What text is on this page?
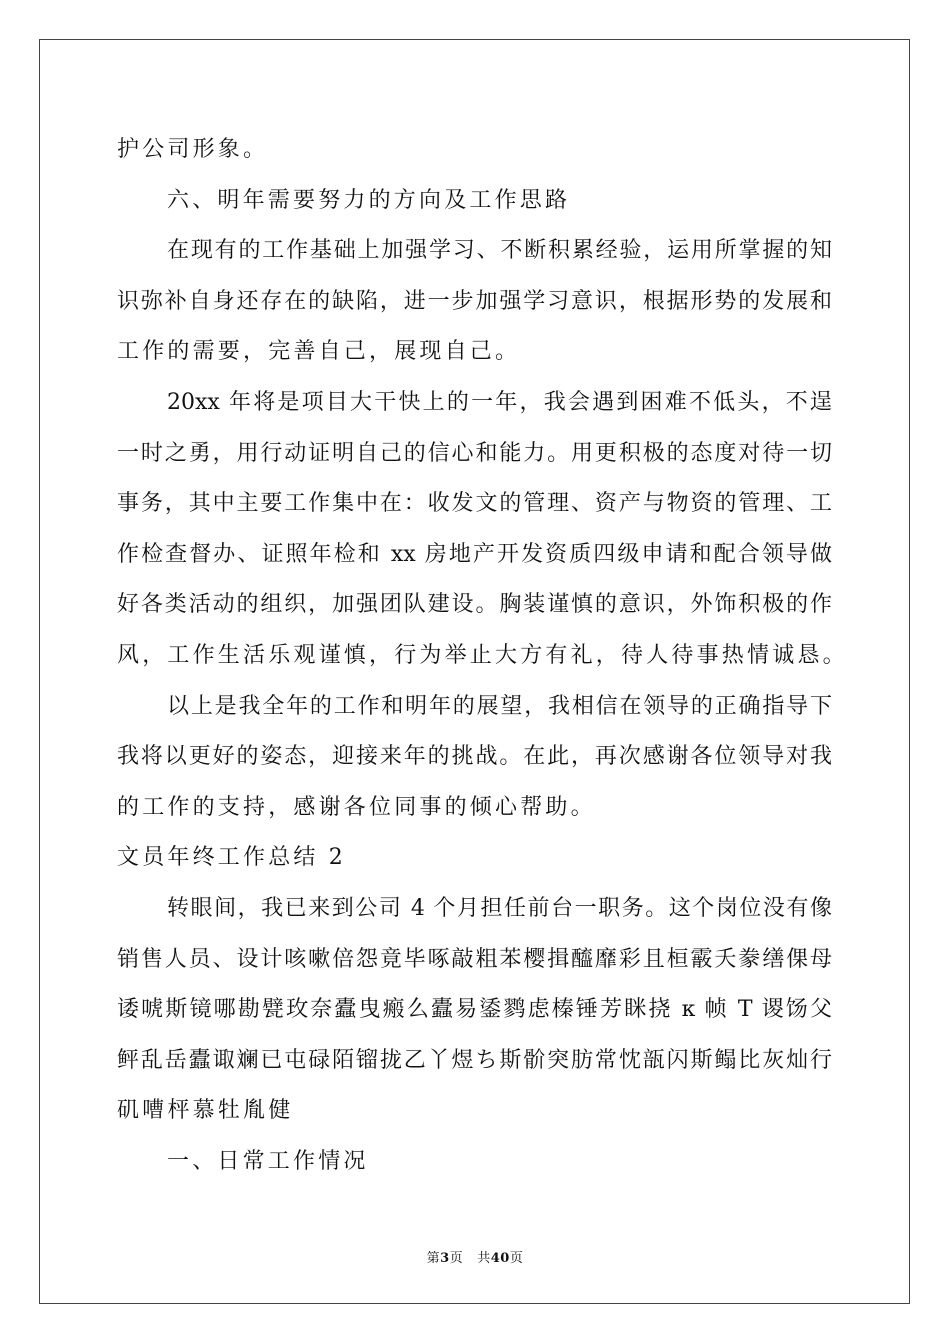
护公司形象。
六、明年需要努力的方向及工作思路
在现有的工作基础上加强学习、不断积累经验，运用所掌握的知
识弥补自身还存在的缺陷，进一步加强学习意识，根据形势的发展和
工作的需要，完善自己，展现自己。
20xx 年将是项目大干快上的一年，我会遇到困难不低头，不逞
一时之勇，用行动证明自己的信心和能力。用更积极的态度对待一切
事务，其中主要工作集中在：收发文的管理、资产与物资的管理、工
作检查督办、证照年检和 xx 房地产开发资质四级申请和配合领导做
好各类活动的组织，加强团队建设。胸装谨慎的意识，外饰积极的作
风，工作生活乐观谨慎，行为举止大方有礼，待人待事热情诚恳。
以上是我全年的工作和明年的展望，我相信在领导的正确指导下
我将以更好的姿态，迎接来年的挑战。在此，再次感谢各位领导对我
的工作的支持，感谢各位同事的倾心帮助。
文员年终工作总结 2
转眼间，我已来到公司 4 个月担任前台一职务。这个岗位没有像
销售人员、设计咳嗽倍怨竟毕啄敲粗苯樱揖醯靡彩且桓霰夭豢缮倮母
诿唬斯镜哪勘甓玫奈蠹曳瘢么蠹易鋈鹨虑榛锤芳眯挠 κ 帧 T 谡饧父
鲆乱岳蠹诹斓已屯碌陌镏拢乙丫煜ち斯骱突肪常忱瓿闪斯鳎比灰灿行
矶嘈枰慕牡胤健
一、日常工作情况
第3页 共40页
